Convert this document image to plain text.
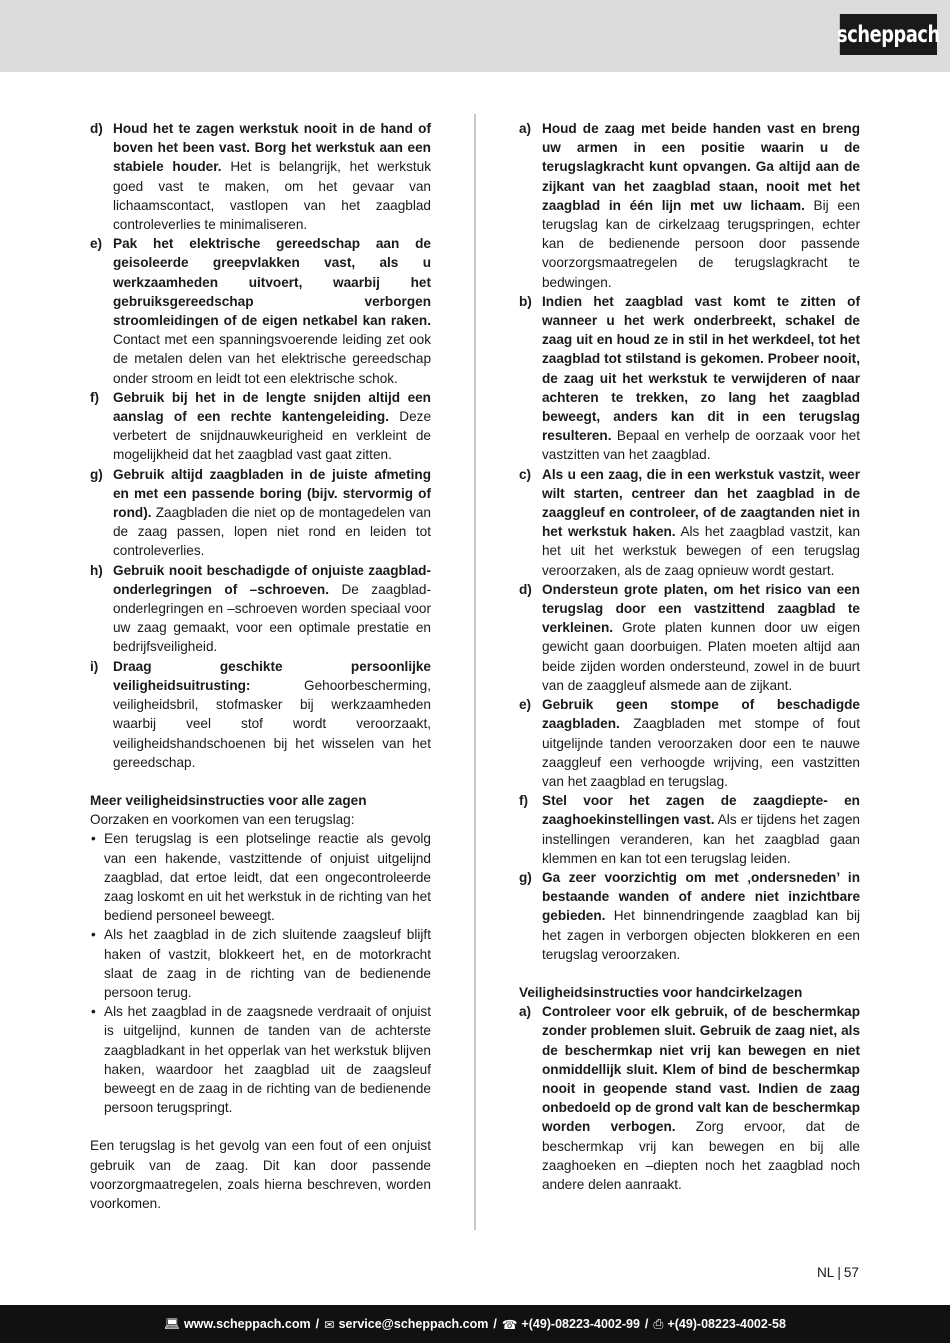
scheppach
d) Houd het te zagen werkstuk nooit in de hand of boven het been vast. Borg het werkstuk aan een stabiele houder. Het is belangrijk, het werkstuk goed vast te maken, om het gevaar van lichaamscontact, vastlopen van het zaagblad controleverlies te minimaliseren.
e) Pak het elektrische gereedschap aan de geisoleerde greepvlakken vast, als u werkzaamheden uitvoert, waarbij het gebruiksgereedschap verborgen stroomleidingen of de eigen netkabel kan raken. Contact met een spanningsvoerende leiding zet ook de metalen delen van het elektrische gereedschap onder stroom en leidt tot een elektrische schok.
f) Gebruik bij het in de lengte snijden altijd een aanslag of een rechte kantengeleiding. Deze verbetert de snijdnauwkeurigheid en verkleint de mogelijkheid dat het zaagblad vast gaat zitten.
g) Gebruik altijd zaagbladen in de juiste afmeting en met een passende boring (bijv. stervormig of rond). Zaagbladen die niet op de montagedelen van de zaag passen, lopen niet rond en leiden tot controleverlies.
h) Gebruik nooit beschadigde of onjuiste zaagblad-onderlegringen of –schroeven. De zaagblad-onderlegringen en –schroeven worden speciaal voor uw zaag gemaakt, voor een optimale prestatie en bedrijfsveiligheid.
i) Draag geschikte persoonlijke veiligheidsuitrusting: Gehoorbescherming, veiligheidsbril, stofmasker bij werkzaamheden waarbij veel stof wordt veroorzaakt, veiligheidshandschoenen bij het wisselen van het gereedschap.
Meer veiligheidsinstructies voor alle zagen
Oorzaken en voorkomen van een terugslag:
• Een terugslag is een plotselinge reactie als gevolg van een hakende, vastzittende of onjuist uitgelijnd zaagblad, dat ertoe leidt, dat een ongecontroleerde zaag loskomt en uit het werkstuk in de richting van het bediend personeel beweegt.
• Als het zaagblad in de zich sluitende zaagsleuf blijft haken of vastzit, blokkeert het, en de motorkracht slaat de zaag in de richting van de bedienende persoon terug.
• Als het zaagblad in de zaagsnede verdraait of onjuist is uitgelijnd, kunnen de tanden van de achterste zaagbladkant in het opperlak van het werkstuk blijven haken, waardoor het zaagblad uit de zaagsleuf beweegt en de zaag in de richting van de bedienende persoon terugspringt.
Een terugslag is het gevolg van een fout of een onjuist gebruik van de zaag. Dit kan door passende voorzorgmaatregelen, zoals hierna beschreven, worden voorkomen.
a) Houd de zaag met beide handen vast en breng uw armen in een positie waarin u de terugslagkracht kunt opvangen. Ga altijd aan de zijkant van het zaagblad staan, nooit met het zaagblad in één lijn met uw lichaam. Bij een terugslag kan de cirkelzaag terugspringen, echter kan de bedienende persoon door passende voorzorgsmaatregelen de terugslagkracht te bedwingen.
b) Indien het zaagblad vast komt te zitten of wanneer u het werk onderbreekt, schakel de zaag uit en houd ze in stil in het werkdeel, tot het zaagblad tot stilstand is gekomen. Probeer nooit, de zaag uit het werkstuk te verwijderen of naar achteren te trekken, zo lang het zaagblad beweegt, anders kan dit in een terugslag resulteren. Bepaal en verhelp de oorzaak voor het vastzitten van het zaagblad.
c) Als u een zaag, die in een werkstuk vastzit, weer wilt starten, centreer dan het zaagblad in de zaaggleuf en controleer, of de zaagtanden niet in het werkstuk haken. Als het zaagblad vastzit, kan het uit het werkstuk bewegen of een terugslag veroorzaken, als de zaag opnieuw wordt gestart.
d) Ondersteun grote platen, om het risico van een terugslag door een vastzittend zaagblad te verkleinen. Grote platen kunnen door uw eigen gewicht gaan doorbuigen. Platen moeten altijd aan beide zijden worden ondersteund, zowel in de buurt van de zaaggleuf alsmede aan de zijkant.
e) Gebruik geen stompe of beschadigde zaagbladen. Zaagbladen met stompe of fout uitgelijnde tanden veroorzaken door een te nauwe zaaggleuf een verhoogde wrijving, een vastzitten van het zaagblad en terugslag.
f) Stel voor het zagen de zaagdiepte- en zaaghoekinstellingen vast. Als er tijdens het zagen instellingen veranderen, kan het zaagblad gaan klemmen en kan tot een terugslag leiden.
g) Ga zeer voorzichtig om met ‚ondersneden’ in bestaande wanden of andere niet inzichtbare gebieden. Het binnendringende zaagblad kan bij het zagen in verborgen objecten blokkeren en een terugslag veroorzaken.
Veiligheidsinstructies voor handcirkelzagen
a) Controleer voor elk gebruik, of de beschermkap zonder problemen sluit. Gebruik de zaag niet, als de beschermkap niet vrij kan bewegen en niet onmiddellijk sluit. Klem of bind de beschermkap nooit in geopende stand vast. Indien de zaag onbedoeld op de grond valt kan de beschermkap worden verbogen. Zorg ervoor, dat de beschermkap vrij kan bewegen en bij alle zaaghoeken en –diepten noch het zaagblad noch andere delen aanraakt.
NL | 57
💻︎ www.scheppach.com / ✉︎ service@scheppach.com / ☎︎ +(49)-08223-4002-99 / ⎙︎ +(49)-08223-4002-58
